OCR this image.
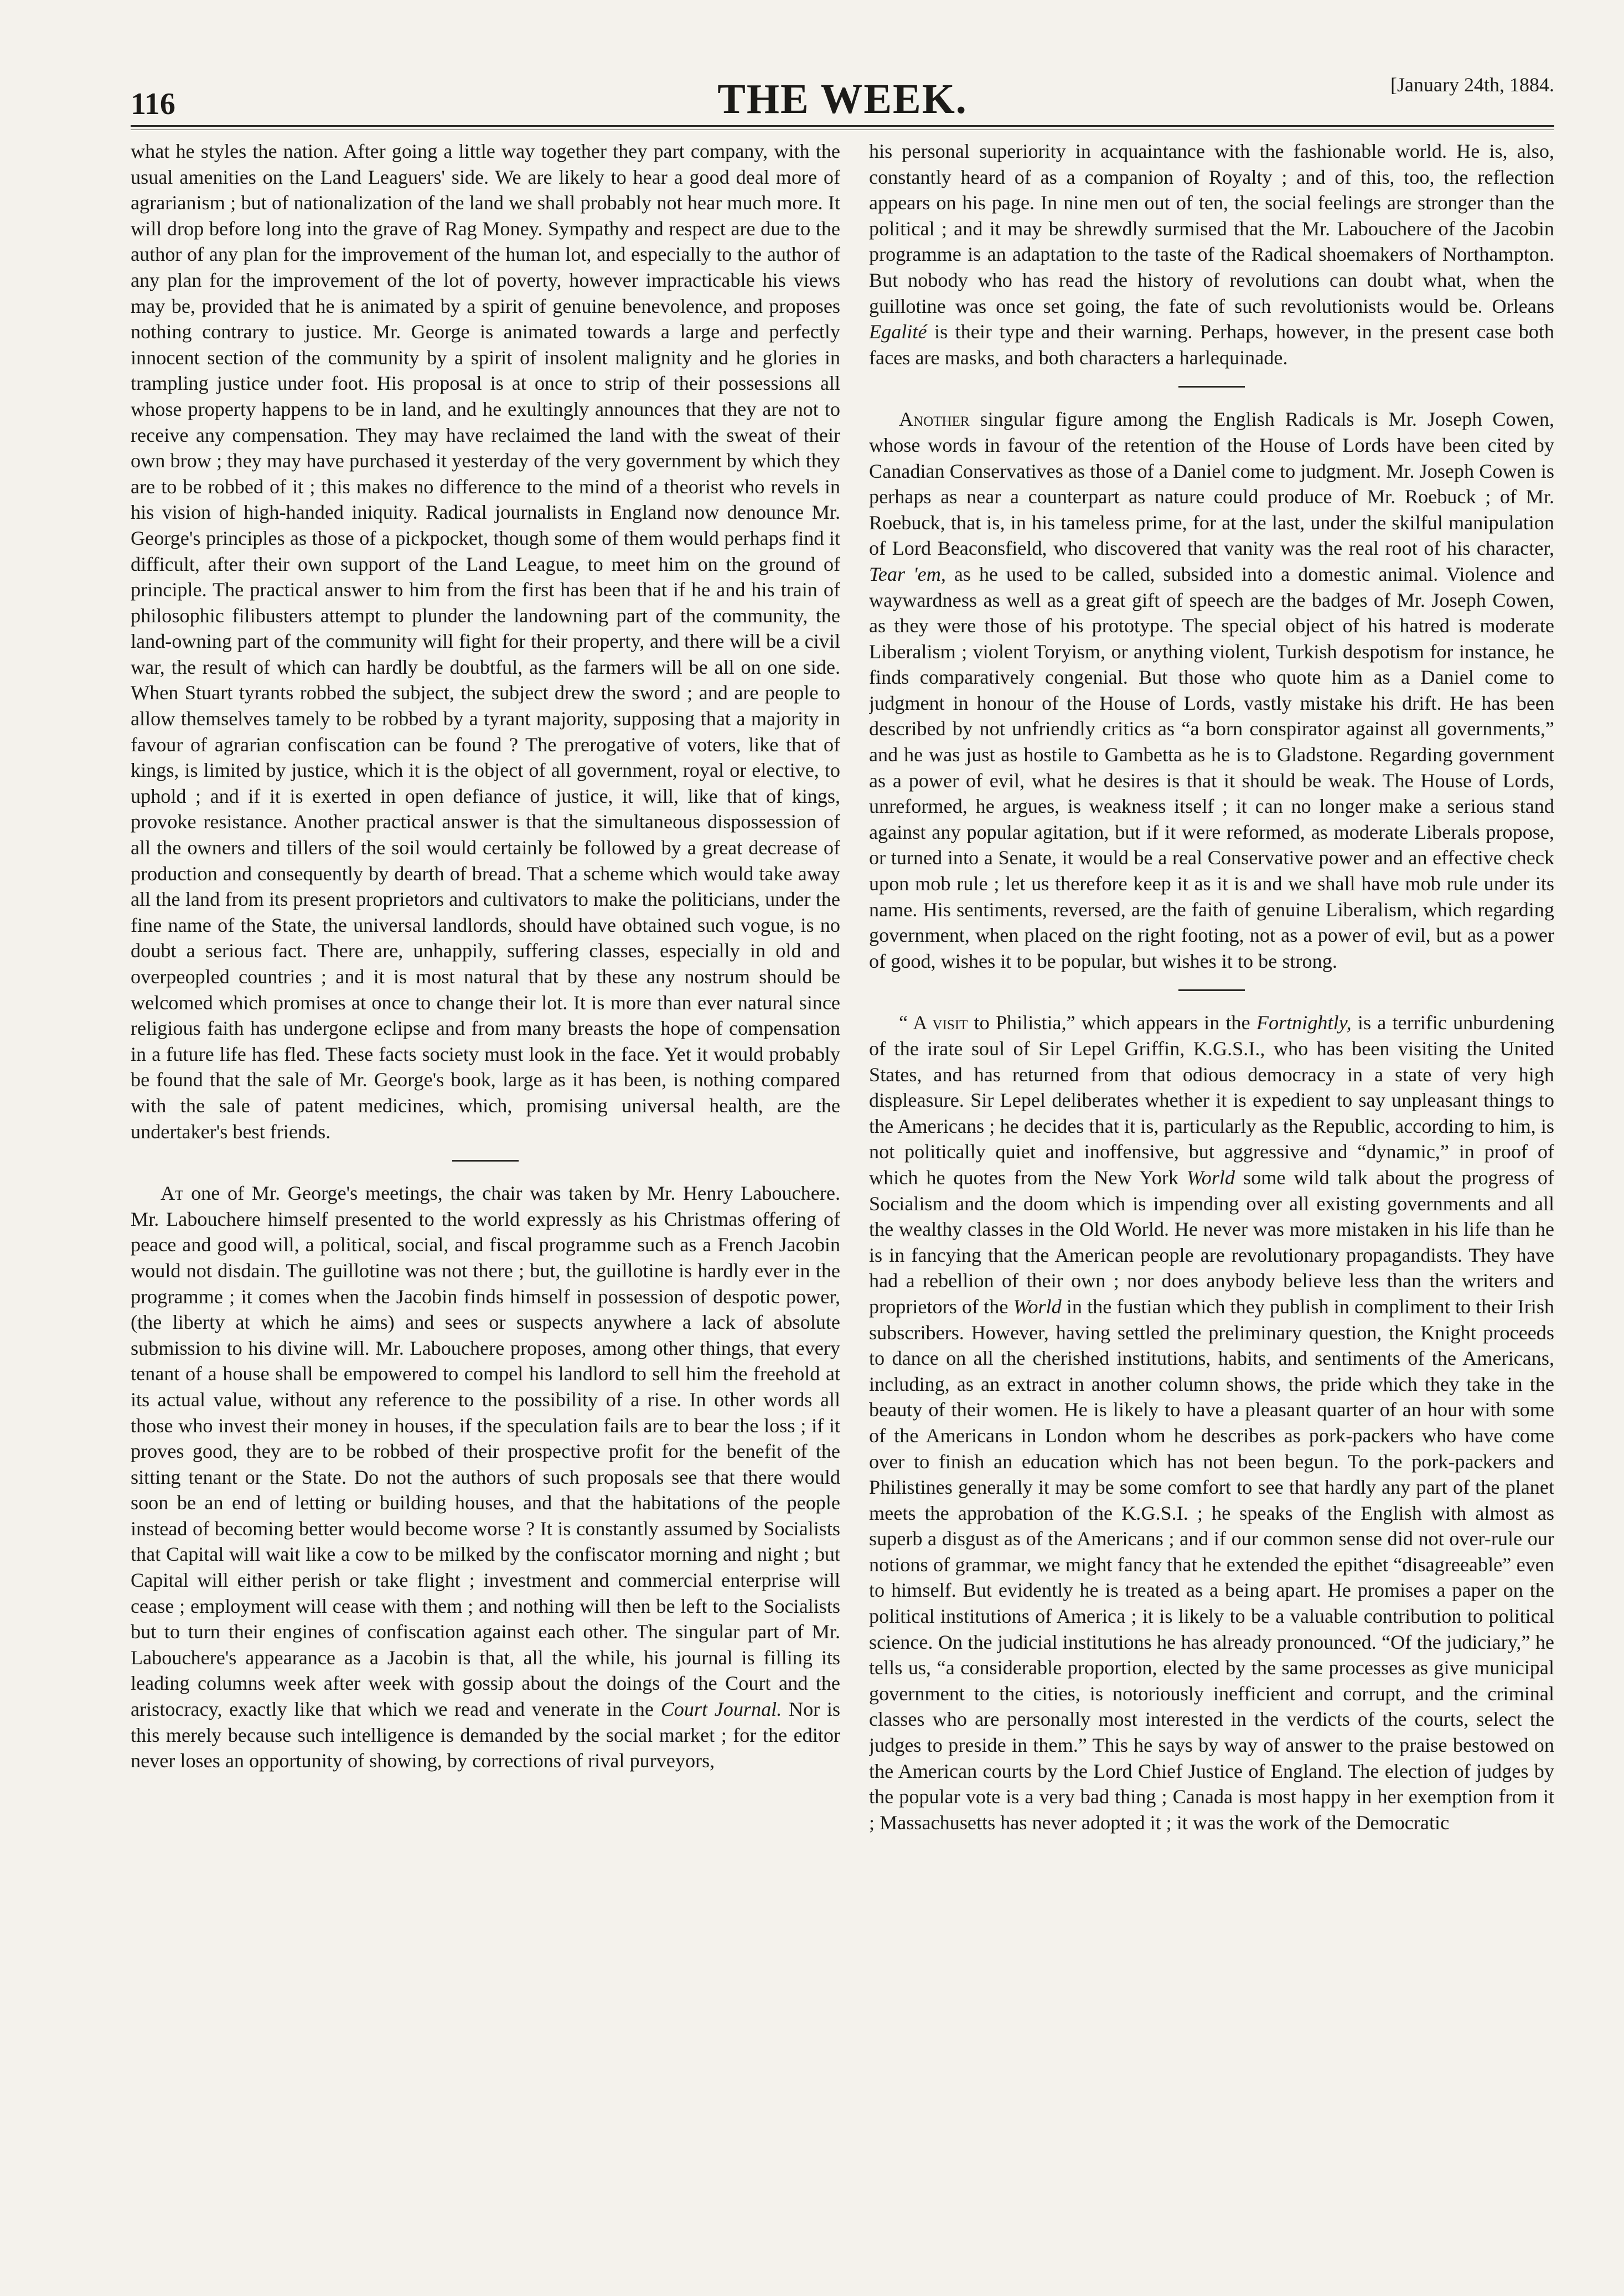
116	THE WEEK.	[January 24th, 1884.

what he styles the nation. After going a little way together they part company, with the usual amenities on the Land Leaguers' side. We are likely to hear a good deal more of agrarianism ; but of nationalization of the land we shall probably not hear much more. It will drop before long into the grave of Rag Money. Sympathy and respect are due to the author of any plan for the improvement of the human lot, and especially to the author of any plan for the improvement of the lot of poverty, however impracticable his views may be, provided that he is animated by a spirit of genuine benevolence, and proposes nothing contrary to justice. Mr. George is animated towards a large and perfectly innocent section of the community by a spirit of insolent malignity and he glories in trampling justice under foot. His proposal is at once to strip of their possessions all whose property happens to be in land, and he exultingly announces that they are not to receive any compensation. They may have reclaimed the land with the sweat of their own brow ; they may have purchased it yesterday of the very government by which they are to be robbed of it ; this makes no difference to the mind of a theorist who revels in his vision of high-handed iniquity. Radical journalists in England now denounce Mr. George's principles as those of a pickpocket, though some of them would perhaps find it difficult, after their own support of the Land League, to meet him on the ground of principle. The practical answer to him from the first has been that if he and his train of philosophic filibusters attempt to plunder the landowning part of the community, the land-owning part of the community will fight for their property, and there will be a civil war, the result of which can hardly be doubtful, as the farmers will be all on one side. When Stuart tyrants robbed the subject, the subject drew the sword ; and are people to allow themselves tamely to be robbed by a tyrant majority, supposing that a majority in favour of agrarian confiscation can be found ? The prerogative of voters, like that of kings, is limited by justice, which it is the object of all government, royal or elective, to uphold ; and if it is exerted in open defiance of justice, it will, like that of kings, provoke resistance. Another practical answer is that the simultaneous dispossession of all the owners and tillers of the soil would certainly be followed by a great decrease of production and consequently by dearth of bread. That a scheme which would take away all the land from its present proprietors and cultivators to make the politicians, under the fine name of the State, the universal landlords, should have obtained such vogue, is no doubt a serious fact. There are, unhappily, suffering classes, especially in old and overpeopled countries ; and it is most natural that by these any nostrum should be welcomed which promises at once to change their lot. It is more than ever natural since religious faith has undergone eclipse and from many breasts the hope of compensation in a future life has fled. These facts society must look in the face. Yet it would probably be found that the sale of Mr. George's book, large as it has been, is nothing compared with the sale of patent medicines, which, promising universal health, are the undertaker's best friends.

At one of Mr. George's meetings, the chair was taken by Mr. Henry Labouchere. Mr. Labouchere himself presented to the world expressly as his Christmas offering of peace and good will, a political, social, and fiscal programme such as a French Jacobin would not disdain. The guillotine was not there ; but, the guillotine is hardly ever in the programme ; it comes when the Jacobin finds himself in possession of despotic power, (the liberty at which he aims) and sees or suspects anywhere a lack of absolute submission to his divine will. Mr. Labouchere proposes, among other things, that every tenant of a house shall be empowered to compel his landlord to sell him the freehold at its actual value, without any reference to the possibility of a rise. In other words all those who invest their money in houses, if the speculation fails are to bear the loss ; if it proves good, they are to be robbed of their prospective profit for the benefit of the sitting tenant or the State. Do not the authors of such proposals see that there would soon be an end of letting or building houses, and that the habitations of the people instead of becoming better would become worse ? It is constantly assumed by Socialists that Capital will wait like a cow to be milked by the confiscator morning and night ; but Capital will either perish or take flight ; investment and commercial enterprise will cease ; employment will cease with them ; and nothing will then be left to the Socialists but to turn their engines of confiscation against each other. The singular part of Mr. Labouchere's appearance as a Jacobin is that, all the while, his journal is filling its leading columns week after week with gossip about the doings of the Court and the aristocracy, exactly like that which we read and venerate in the Court Journal. Nor is this merely because such intelligence is demanded by the social market ; for the editor never loses an opportunity of showing, by corrections of rival purveyors,

his personal superiority in acquaintance with the fashionable world. He is, also, constantly heard of as a companion of Royalty ; and of this, too, the reflection appears on his page. In nine men out of ten, the social feelings are stronger than the political ; and it may be shrewdly surmised that the Mr. Labouchere of the Jacobin programme is an adaptation to the taste of the Radical shoemakers of Northampton. But nobody who has read the history of revolutions can doubt what, when the guillotine was once set going, the fate of such revolutionists would be. Orleans Egalité is their type and their warning. Perhaps, however, in the present case both faces are masks, and both characters a harlequinade.

Another singular figure among the English Radicals is Mr. Joseph Cowen, whose words in favour of the retention of the House of Lords have been cited by Canadian Conservatives as those of a Daniel come to judgment. Mr. Joseph Cowen is perhaps as near a counterpart as nature could produce of Mr. Roebuck ; of Mr. Roebuck, that is, in his tameless prime, for at the last, under the skilful manipulation of Lord Beaconsfield, who discovered that vanity was the real root of his character, Tear 'em, as he used to be called, subsided into a domestic animal. Violence and waywardness as well as a great gift of speech are the badges of Mr. Joseph Cowen, as they were those of his prototype. The special object of his hatred is moderate Liberalism ; violent Toryism, or anything violent, Turkish despotism for instance, he finds comparatively congenial. But those who quote him as a Daniel come to judgment in honour of the House of Lords, vastly mistake his drift. He has been described by not unfriendly critics as “a born conspirator against all governments,” and he was just as hostile to Gambetta as he is to Gladstone. Regarding government as a power of evil, what he desires is that it should be weak. The House of Lords, unreformed, he argues, is weakness itself ; it can no longer make a serious stand against any popular agitation, but if it were reformed, as moderate Liberals propose, or turned into a Senate, it would be a real Conservative power and an effective check upon mob rule ; let us therefore keep it as it is and we shall have mob rule under its name. His sentiments, reversed, are the faith of genuine Liberalism, which regarding government, when placed on the right footing, not as a power of evil, but as a power of good, wishes it to be popular, but wishes it to be strong.

“ A visit to Philistia,” which appears in the Fortnightly, is a terrific unburdening of the irate soul of Sir Lepel Griffin, K.G.S.I., who has been visiting the United States, and has returned from that odious democracy in a state of very high displeasure. Sir Lepel deliberates whether it is expedient to say unpleasant things to the Americans ; he decides that it is, particularly as the Republic, according to him, is not politically quiet and inoffensive, but aggressive and “dynamic,” in proof of which he quotes from the New York World some wild talk about the progress of Socialism and the doom which is impending over all existing governments and all the wealthy classes in the Old World. He never was more mistaken in his life than he is in fancying that the American people are revolutionary propagandists. They have had a rebellion of their own ; nor does anybody believe less than the writers and proprietors of the World in the fustian which they publish in compliment to their Irish subscribers. However, having settled the preliminary question, the Knight proceeds to dance on all the cherished institutions, habits, and sentiments of the Americans, including, as an extract in another column shows, the pride which they take in the beauty of their women. He is likely to have a pleasant quarter of an hour with some of the Americans in London whom he describes as pork-packers who have come over to finish an education which has not been begun. To the pork-packers and Philistines generally it may be some comfort to see that hardly any part of the planet meets the approbation of the K.G.S.I. ; he speaks of the English with almost as superb a disgust as of the Americans ; and if our common sense did not over-rule our notions of grammar, we might fancy that he extended the epithet “disagreeable” even to himself. But evidently he is treated as a being apart. He promises a paper on the political institutions of America ; it is likely to be a valuable contribution to political science. On the judicial institutions he has already pronounced. “Of the judiciary,” he tells us, “a considerable proportion, elected by the same processes as give municipal government to the cities, is notoriously inefficient and corrupt, and the criminal classes who are personally most interested in the verdicts of the courts, select the judges to preside in them.” This he says by way of answer to the praise bestowed on the American courts by the Lord Chief Justice of England. The election of judges by the popular vote is a very bad thing ; Canada is most happy in her exemption from it ; Massachusetts has never adopted it ; it was the work of the Democratic
